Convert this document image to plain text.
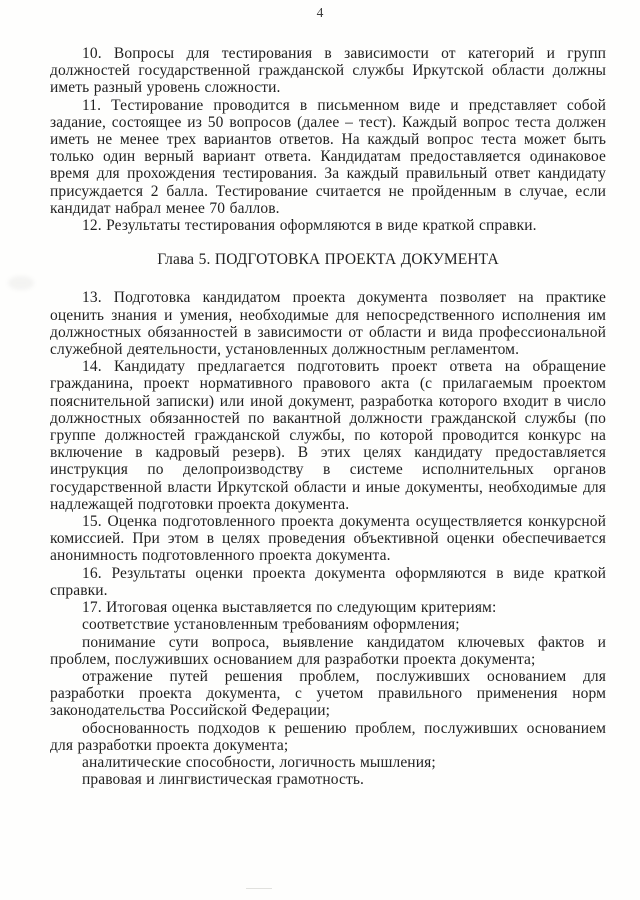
4

10. Вопросы для тестирования в зависимости от категорий и групп должностей государственной гражданской службы Иркутской области должны иметь разный уровень сложности.

11. Тестирование проводится в письменном виде и представляет собой задание, состоящее из 50 вопросов (далее – тест). Каждый вопрос теста должен иметь не менее трех вариантов ответов. На каждый вопрос теста может быть только один верный вариант ответа. Кандидатам предоставляется одинаковое время для прохождения тестирования. За каждый правильный ответ кандидату присуждается 2 балла. Тестирование считается не пройденным в случае, если кандидат набрал менее 70 баллов.

12. Результаты тестирования оформляются в виде краткой справки.

Глава 5. ПОДГОТОВКА ПРОЕКТА ДОКУМЕНТА

13. Подготовка кандидатом проекта документа позволяет на практике оценить знания и умения, необходимые для непосредственного исполнения им должностных обязанностей в зависимости от области и вида профессиональной служебной деятельности, установленных должностным регламентом.

14. Кандидату предлагается подготовить проект ответа на обращение гражданина, проект нормативного правового акта (с прилагаемым проектом пояснительной записки) или иной документ, разработка которого входит в число должностных обязанностей по вакантной должности гражданской службы (по группе должностей гражданской службы, по которой проводится конкурс на включение в кадровый резерв). В этих целях кандидату предоставляется инструкция по делопроизводству в системе исполнительных органов государственной власти Иркутской области и иные документы, необходимые для надлежащей подготовки проекта документа.

15. Оценка подготовленного проекта документа осуществляется конкурсной комиссией. При этом в целях проведения объективной оценки обеспечивается анонимность подготовленного проекта документа.

16. Результаты оценки проекта документа оформляются в виде краткой справки.

17. Итоговая оценка выставляется по следующим критериям:

соответствие установленным требованиям оформления;

понимание сути вопроса, выявление кандидатом ключевых фактов и проблем, послуживших основанием для разработки проекта документа;

отражение путей решения проблем, послуживших основанием для разработки проекта документа, с учетом правильного применения норм законодательства Российской Федерации;

обоснованность подходов к решению проблем, послуживших основанием для разработки проекта документа;

аналитические способности, логичность мышления;

правовая и лингвистическая грамотность.
